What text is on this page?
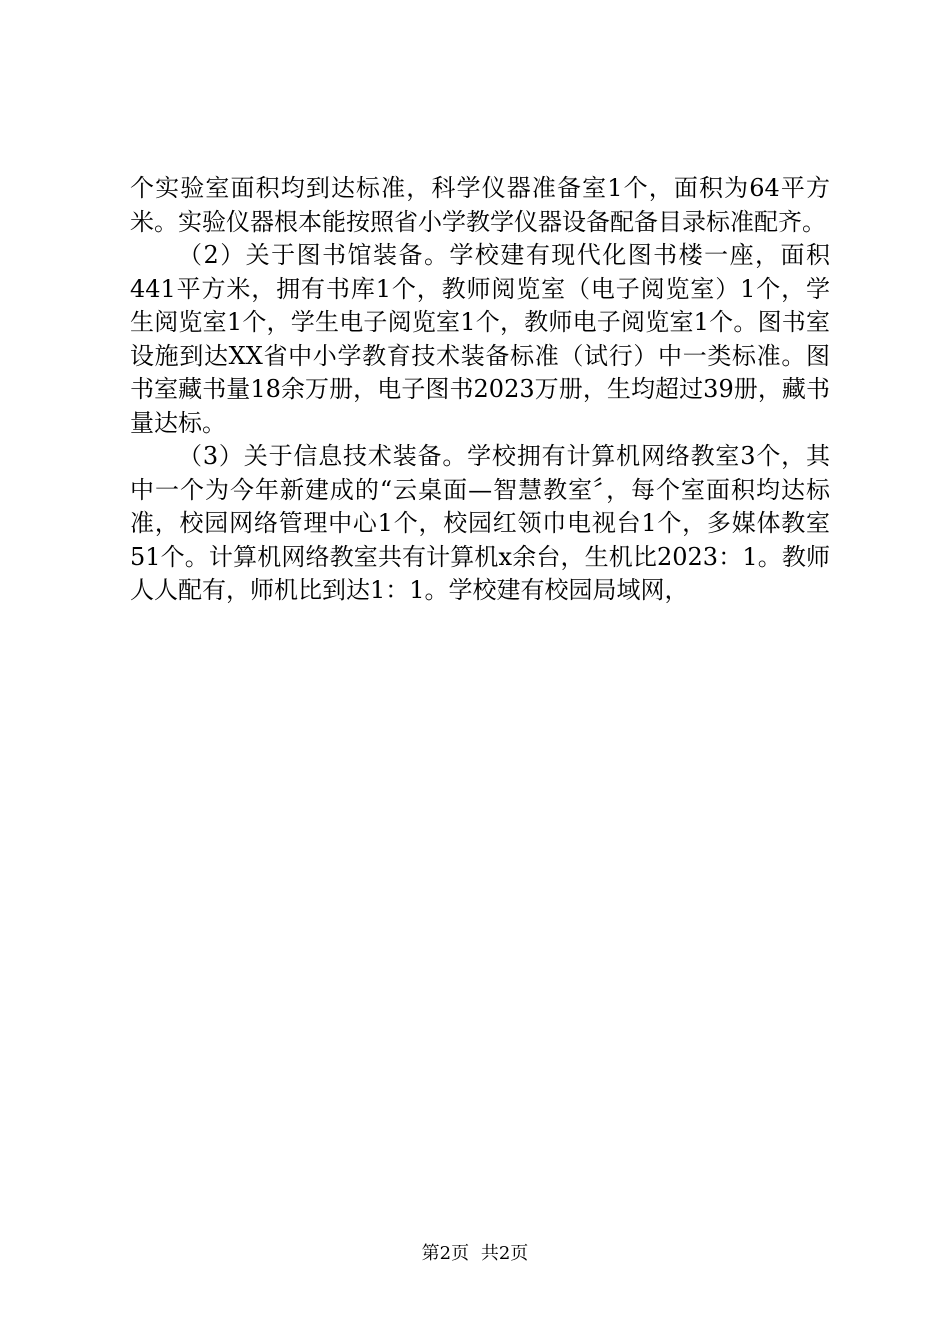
个实验室面积均到达标准，科学仪器准备室1个，面积为64平方米。实验仪器根本能按照省小学教学仪器设备配备目录标准配齐。

（2）关于图书馆装备。学校建有现代化图书楼一座，面积441平方米，拥有书库1个，教师阅览室（电子阅览室）1个，学生阅览室1个，学生电子阅览室1个，教师电子阅览室1个。图书室设施到达XX省中小学教育技术装备标准（试行）中一类标准。图书室藏书量18余万册，电子图书2023万册，生均超过39册，藏书量达标。

（3）关于信息技术装备。学校拥有计算机网络教室3个，其中一个为今年新建成的“云桌面—智慧教室〞，每个室面积均达标准，校园网络管理中心1个，校园红领巾电视台1个，多媒体教室51个。计算机网络教室共有计算机x余台，生机比2023：1。教师人人配有，师机比到达1：1。学校建有校园局域网，

第2页 共2页
